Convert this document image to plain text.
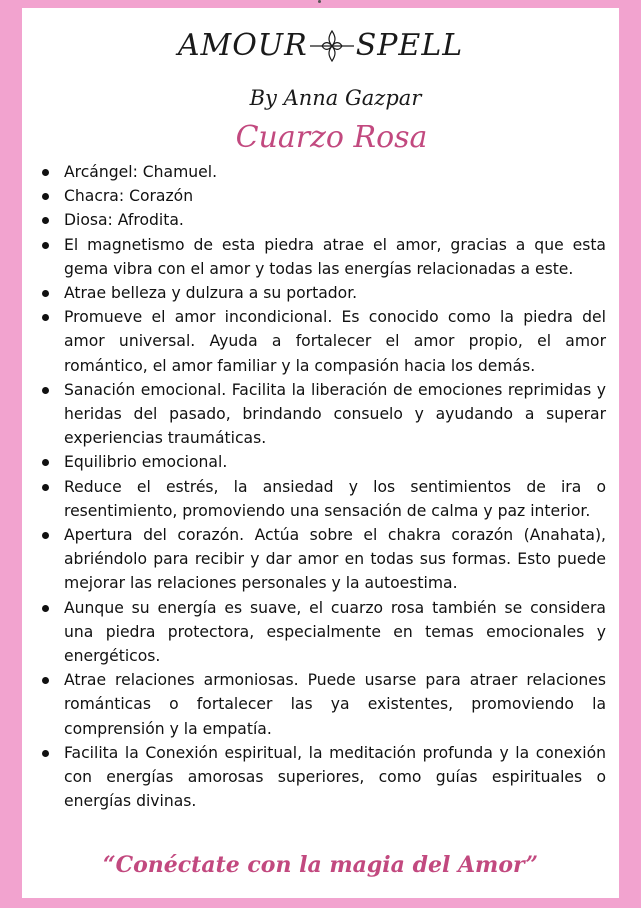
AMOUR SPELL
By Anna Gazpar
Cuarzo Rosa
Arcángel: Chamuel.
Chacra: Corazón
Diosa: Afrodita.
El magnetismo de esta piedra atrae el amor, gracias a que esta gema vibra con el amor y todas las energías relacionadas a este.
Atrae belleza y dulzura a su portador.
Promueve el amor incondicional. Es conocido como la piedra del amor universal. Ayuda a fortalecer el amor propio, el amor romántico, el amor familiar y la compasión hacia los demás.
Sanación emocional. Facilita la liberación de emociones reprimidas y heridas del pasado, brindando consuelo y ayudando a superar experiencias traumáticas.
Equilibrio emocional.
Reduce el estrés, la ansiedad y los sentimientos de ira o resentimiento, promoviendo una sensación de calma y paz interior.
Apertura del corazón. Actúa sobre el chakra corazón (Anahata), abriéndolo para recibir y dar amor en todas sus formas. Esto puede mejorar las relaciones personales y la autoestima.
Aunque su energía es suave, el cuarzo rosa también se considera una piedra protectora, especialmente en temas emocionales y energéticos.
Atrae relaciones armoniosas. Puede usarse para atraer relaciones románticas o fortalecer las ya existentes, promoviendo la comprensión y la empatía.
Facilita la Conexión espiritual, la meditación profunda y la conexión con energías amorosas superiores, como guías espirituales o energías divinas.
“Conéctate con la magia del Amor”
